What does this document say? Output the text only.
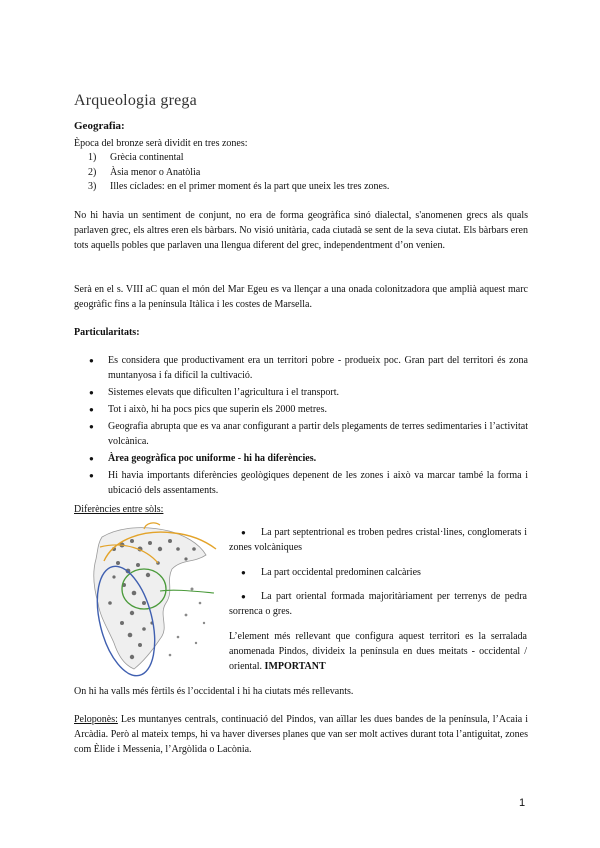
Arqueologia grega
Geografia:
Època del bronze serà dividit en tres zones:
1) Grècia continental
2) Àsia menor o Anatòlia
3) Illes cíclades: en el primer moment és la part que uneix les tres zones.
No hi havia un sentiment de conjunt, no era de forma geogràfica sinó dialectal, s'anomenen grecs als quals parlaven grec, els altres eren els bàrbars. No visió unitària, cada ciutadà se sent de la seva ciutat. Els bàrbars eren tots aquells pobles que parlaven una llengua diferent del grec, independentment d’on venien.
Serà en el s. VIII aC quan el món del Mar Egeu es va llençar a una onada colonitzadora que amplià aquest marc geogràfic fins a la península Itàlica i les costes de Marsella.
Particularitats:
● Es considera que productivament era un territori pobre - produeix poc. Gran part del territori és zona muntanyosa i fa difícil la cultivació.
● Sistemes elevats que dificulten l’agricultura i el transport.
● Tot i això, hi ha pocs pics que superin els 2000 metres.
● Geografia abrupta que es va anar configurant a partir dels plegaments de terres sedimentaries i l’activitat volcànica.
● Àrea geogràfica poc uniforme - hi ha diferències.
● Hi havia importants diferències geològiques depenent de les zones i això va marcar també la forma i ubicació dels assentaments.
Diferències entre sòls:
● La part septentrional es troben pedres cristal·lines, conglomerats i zones volcàniques
● La part occidental predominen calcàries
● La part oriental formada majoritàriament per terrenys de pedra sorrenca o gres.
L’element més rellevant que configura aquest territori es la serralada anomenada Pindos, divideix la península en dues meitats - occidental / oriental. IMPORTANT
On hi ha valls més fèrtils és l’occidental i hi ha ciutats més rellevants.
Peloponès: Les muntanyes centrals, continuació del Pindos, van aïllar les dues bandes de la península, l’Acaia i Arcàdia. Però al mateix temps, hi va haver diverses planes que van ser molt actives durant tota l’antiguitat, zones com Èlide i Messenia, l’Argòlida o Lacònia.
1
